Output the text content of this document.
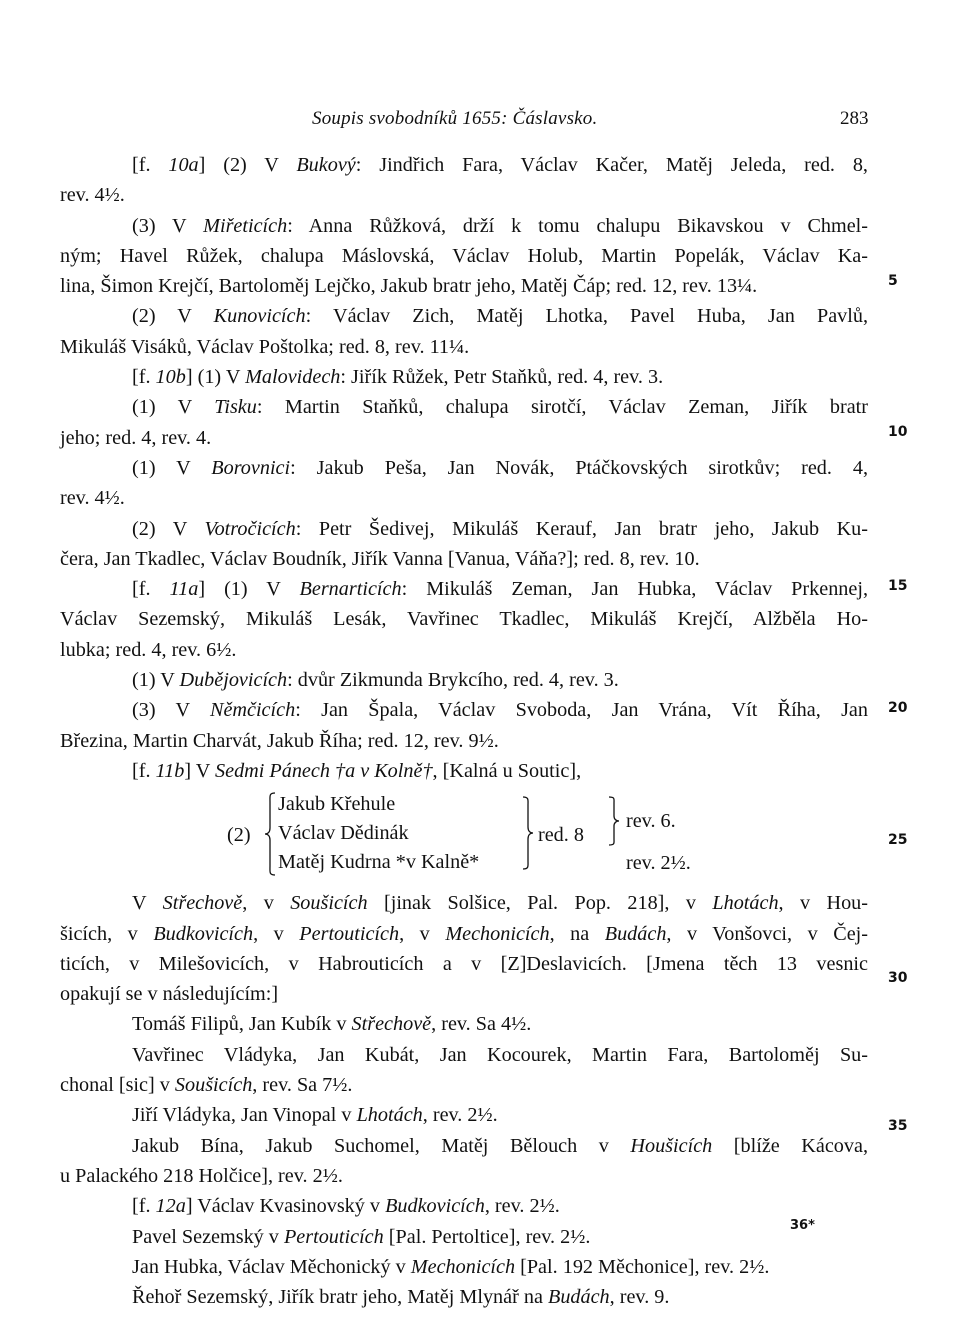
Soupis svobodníků 1655: Čáslavsko.	283
[f. 10a] (2) V Bukový: Jindřich Fara, Václav Kačer, Matěj Jeleda, red. 8,
rev. 4½.
(3) V Miřeticích: Anna Růžková, drží k tomu chalupu Bikavskou v Chmel-
ným; Havel Růžek, chalupa Máslovská, Václav Holub, Martin Popelák, Václav Ka-
lina, Šimon Krejčí, Bartoloměj Lejčko, Jakub bratr jeho, Matěj Čáp; red. 12, rev. 13¼.
(2) V Kunovicích: Václav Zich, Matěj Lhotka, Pavel Huba, Jan Pavlů,
Mikuláš Visáků, Václav Poštolka; red. 8, rev. 11¼.
[f. 10b] (1) V Malovidech: Jiřík Růžek, Petr Staňků, red. 4, rev. 3.
(1) V Tisku: Martin Staňků, chalupa sirotčí, Václav Zeman, Jiřík bratr
jeho; red. 4, rev. 4.
(1) V Borovnici: Jakub Peša, Jan Novák, Ptáčkovských sirotkův; red. 4,
rev. 4½.
(2) V Votročicích: Petr Šedivej, Mikuláš Kerauf, Jan bratr jeho, Jakub Ku-
čera, Jan Tkadlec, Václav Boudník, Jiřík Vanna [Vanua, Váňa?]; red. 8, rev. 10.
[f. 11a] (1) V Bernarticích: Mikuláš Zeman, Jan Hubka, Václav Prkennej,
Václav Sezemský, Mikuláš Lesák, Vavřinec Tkadlec, Mikuláš Krejčí, Alžběla Ho-
lubka; red. 4, rev. 6½.
(1) V Dubějovicích: dvůr Zikmunda Brykcího, red. 4, rev. 3.
(3) V Němčicích: Jan Špala, Václav Svoboda, Jan Vrána, Vít Říha, Jan
Březina, Martin Charvát, Jakub Říha; red. 12, rev. 9½.
[f. 11b] V Sedmi Pánech †a v Kolně†, [Kalná u Soutic],
(2)
Jakub Křehule
Václav Dědinák
Matěj Kudrna *v Kalně*
red. 8
rev. 6.
rev. 2½.
V Střechově, v Soušicích [jinak Solšice, Pal. Pop. 218], v Lhotách, v Hou-
šicích, v Budkovicích, v Pertouticích, v Mechonicích, na Budách, v Vonšovci, v Čej-
ticích, v Milešovicích, v Habrouticích a v [Z]Deslavicích. [Jmena těch 13 vesnic
opakují se v následujícím:]
Tomáš Filipů, Jan Kubík v Střechově, rev. Sa 4½.
Vavřinec Vládyka, Jan Kubát, Jan Kocourek, Martin Fara, Bartoloměj Su-
chonal [sic] v Soušicích, rev. Sa 7½.
Jiří Vládyka, Jan Vinopal v Lhotách, rev. 2½.
Jakub Bína, Jakub Suchomel, Matěj Bělouch v Houšicích [blíže Kácova,
u Palackého 218 Holčice], rev. 2½.
[f. 12a] Václav Kvasinovský v Budkovicích, rev. 2½.
Pavel Sezemský v Pertouticích [Pal. Pertoltice], rev. 2½.
Jan Hubka, Václav Měchonický v Mechonicích [Pal. 192 Měchonice], rev. 2½.
Řehoř Sezemský, Jiřík bratr jeho, Matěj Mlynář na Budách, rev. 9.
5
10
15
20
25
30
35
36*
